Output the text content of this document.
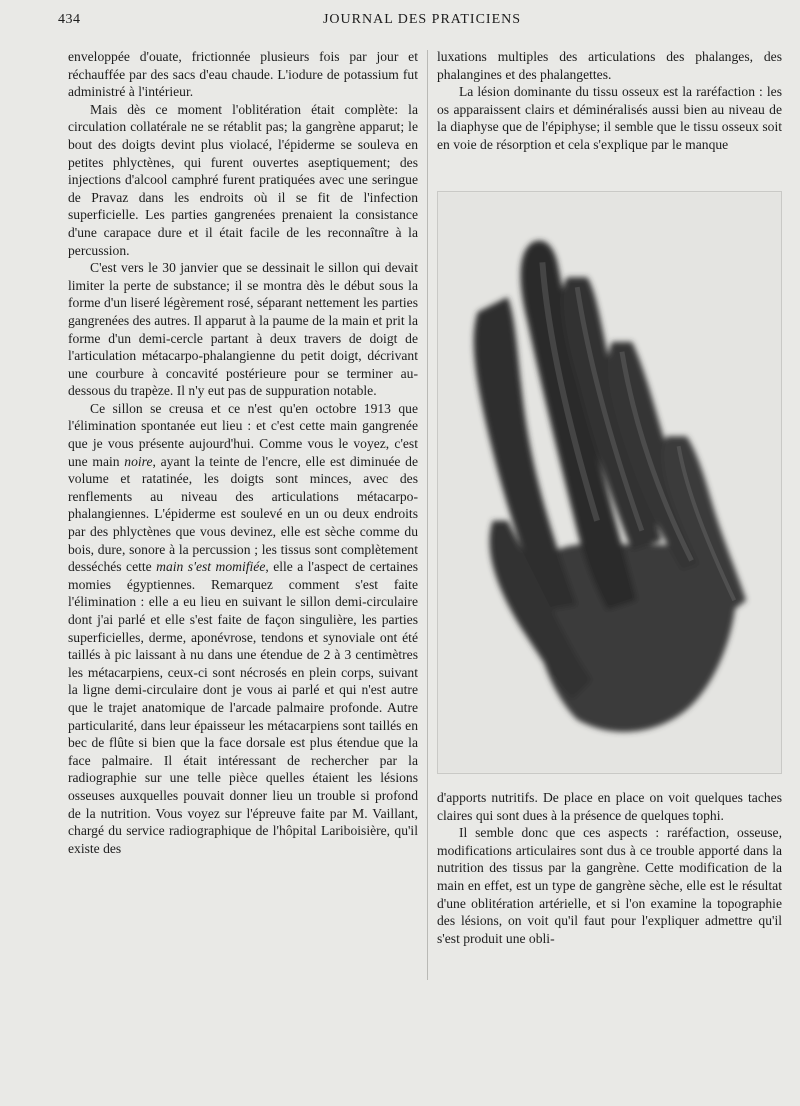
434	JOURNAL DES PRATICIENS

enveloppée d'ouate, frictionnée plusieurs fois par jour et réchauffée par des sacs d'eau chaude. L'iodure de potassium fut administré à l'intérieur.

Mais dès ce moment l'oblitération était complète: la circulation collatérale ne se rétablit pas; la gangrène apparut; le bout des doigts devint plus violacé, l'épiderme se souleva en petites phlyctènes, qui furent ouvertes aseptiquement; des injections d'alcool camphré furent pratiquées avec une seringue de Pravaz dans les endroits où il se fit de l'infection superficielle. Les parties gangrenées prenaient la consistance d'une carapace dure et il était facile de les reconnaître à la percussion.

C'est vers le 30 janvier que se dessinait le sillon qui devait limiter la perte de substance; il se montra dès le début sous la forme d'un liseré légèrement rosé, séparant nettement les parties gangrenées des autres. Il apparut à la paume de la main et prit la forme d'un demi-cercle partant à deux travers de doigt de l'articulation métacarpo-phalangienne du petit doigt, décrivant une courbure à concavité postérieure pour se terminer au-dessous du trapèze. Il n'y eut pas de suppuration notable.

Ce sillon se creusa et ce n'est qu'en octobre 1913 que l'élimination spontanée eut lieu : et c'est cette main gangrenée que je vous présente aujourd'hui. Comme vous le voyez, c'est une main noire, ayant la teinte de l'encre, elle est diminuée de volume et ratatinée, les doigts sont minces, avec des renflements au niveau des articulations métacarpo-phalangiennes. L'épiderme est soulevé en un ou deux endroits par des phlyctènes que vous devinez, elle est sèche comme du bois, dure, sonore à la percussion ; les tissus sont complètement desséchés cette main s'est momifiée, elle a l'aspect de certaines momies égyptiennes. Remarquez comment s'est faite l'élimination : elle a eu lieu en suivant le sillon demi-circulaire dont j'ai parlé et elle s'est faite de façon singulière, les parties superficielles, derme, aponévrose, tendons et synoviale ont été taillés à pic laissant à nu dans une étendue de 2 à 3 centimètres les métacarpiens, ceux-ci sont nécrosés en plein corps, suivant la ligne demi-circulaire dont je vous ai parlé et qui n'est autre que le trajet anatomique de l'arcade palmaire profonde. Autre particularité, dans leur épaisseur les métacarpiens sont taillés en bec de flûte si bien que la face dorsale est plus étendue que la face palmaire. Il était intéressant de rechercher par la radiographie sur une telle pièce quelles étaient les lésions osseuses auxquelles pouvait donner lieu un trouble si profond de la nutrition. Vous voyez sur l'épreuve faite par M. Vaillant, chargé du service radiographique de l'hôpital Lariboisière, qu'il existe des

luxations multiples des articulations des phalanges, des phalangines et des phalangettes.

La lésion dominante du tissu osseux est la raréfaction : les os apparaissent clairs et déminéralisés aussi bien au niveau de la diaphyse que de l'épiphyse; il semble que le tissu osseux soit en voie de résorption et cela s'explique par le manque

d'apports nutritifs. De place en place on voit quelques taches claires qui sont dues à la présence de quelques tophi.

Il semble donc que ces aspects : raréfaction, osseuse, modifications articulaires sont dus à ce trouble apporté dans la nutrition des tissus par la gangrène. Cette modification de la main en effet, est un type de gangrène sèche, elle est le résultat d'une oblitération artérielle, et si l'on examine la topographie des lésions, on voit qu'il faut pour l'expliquer admettre qu'il s'est produit une obli-
